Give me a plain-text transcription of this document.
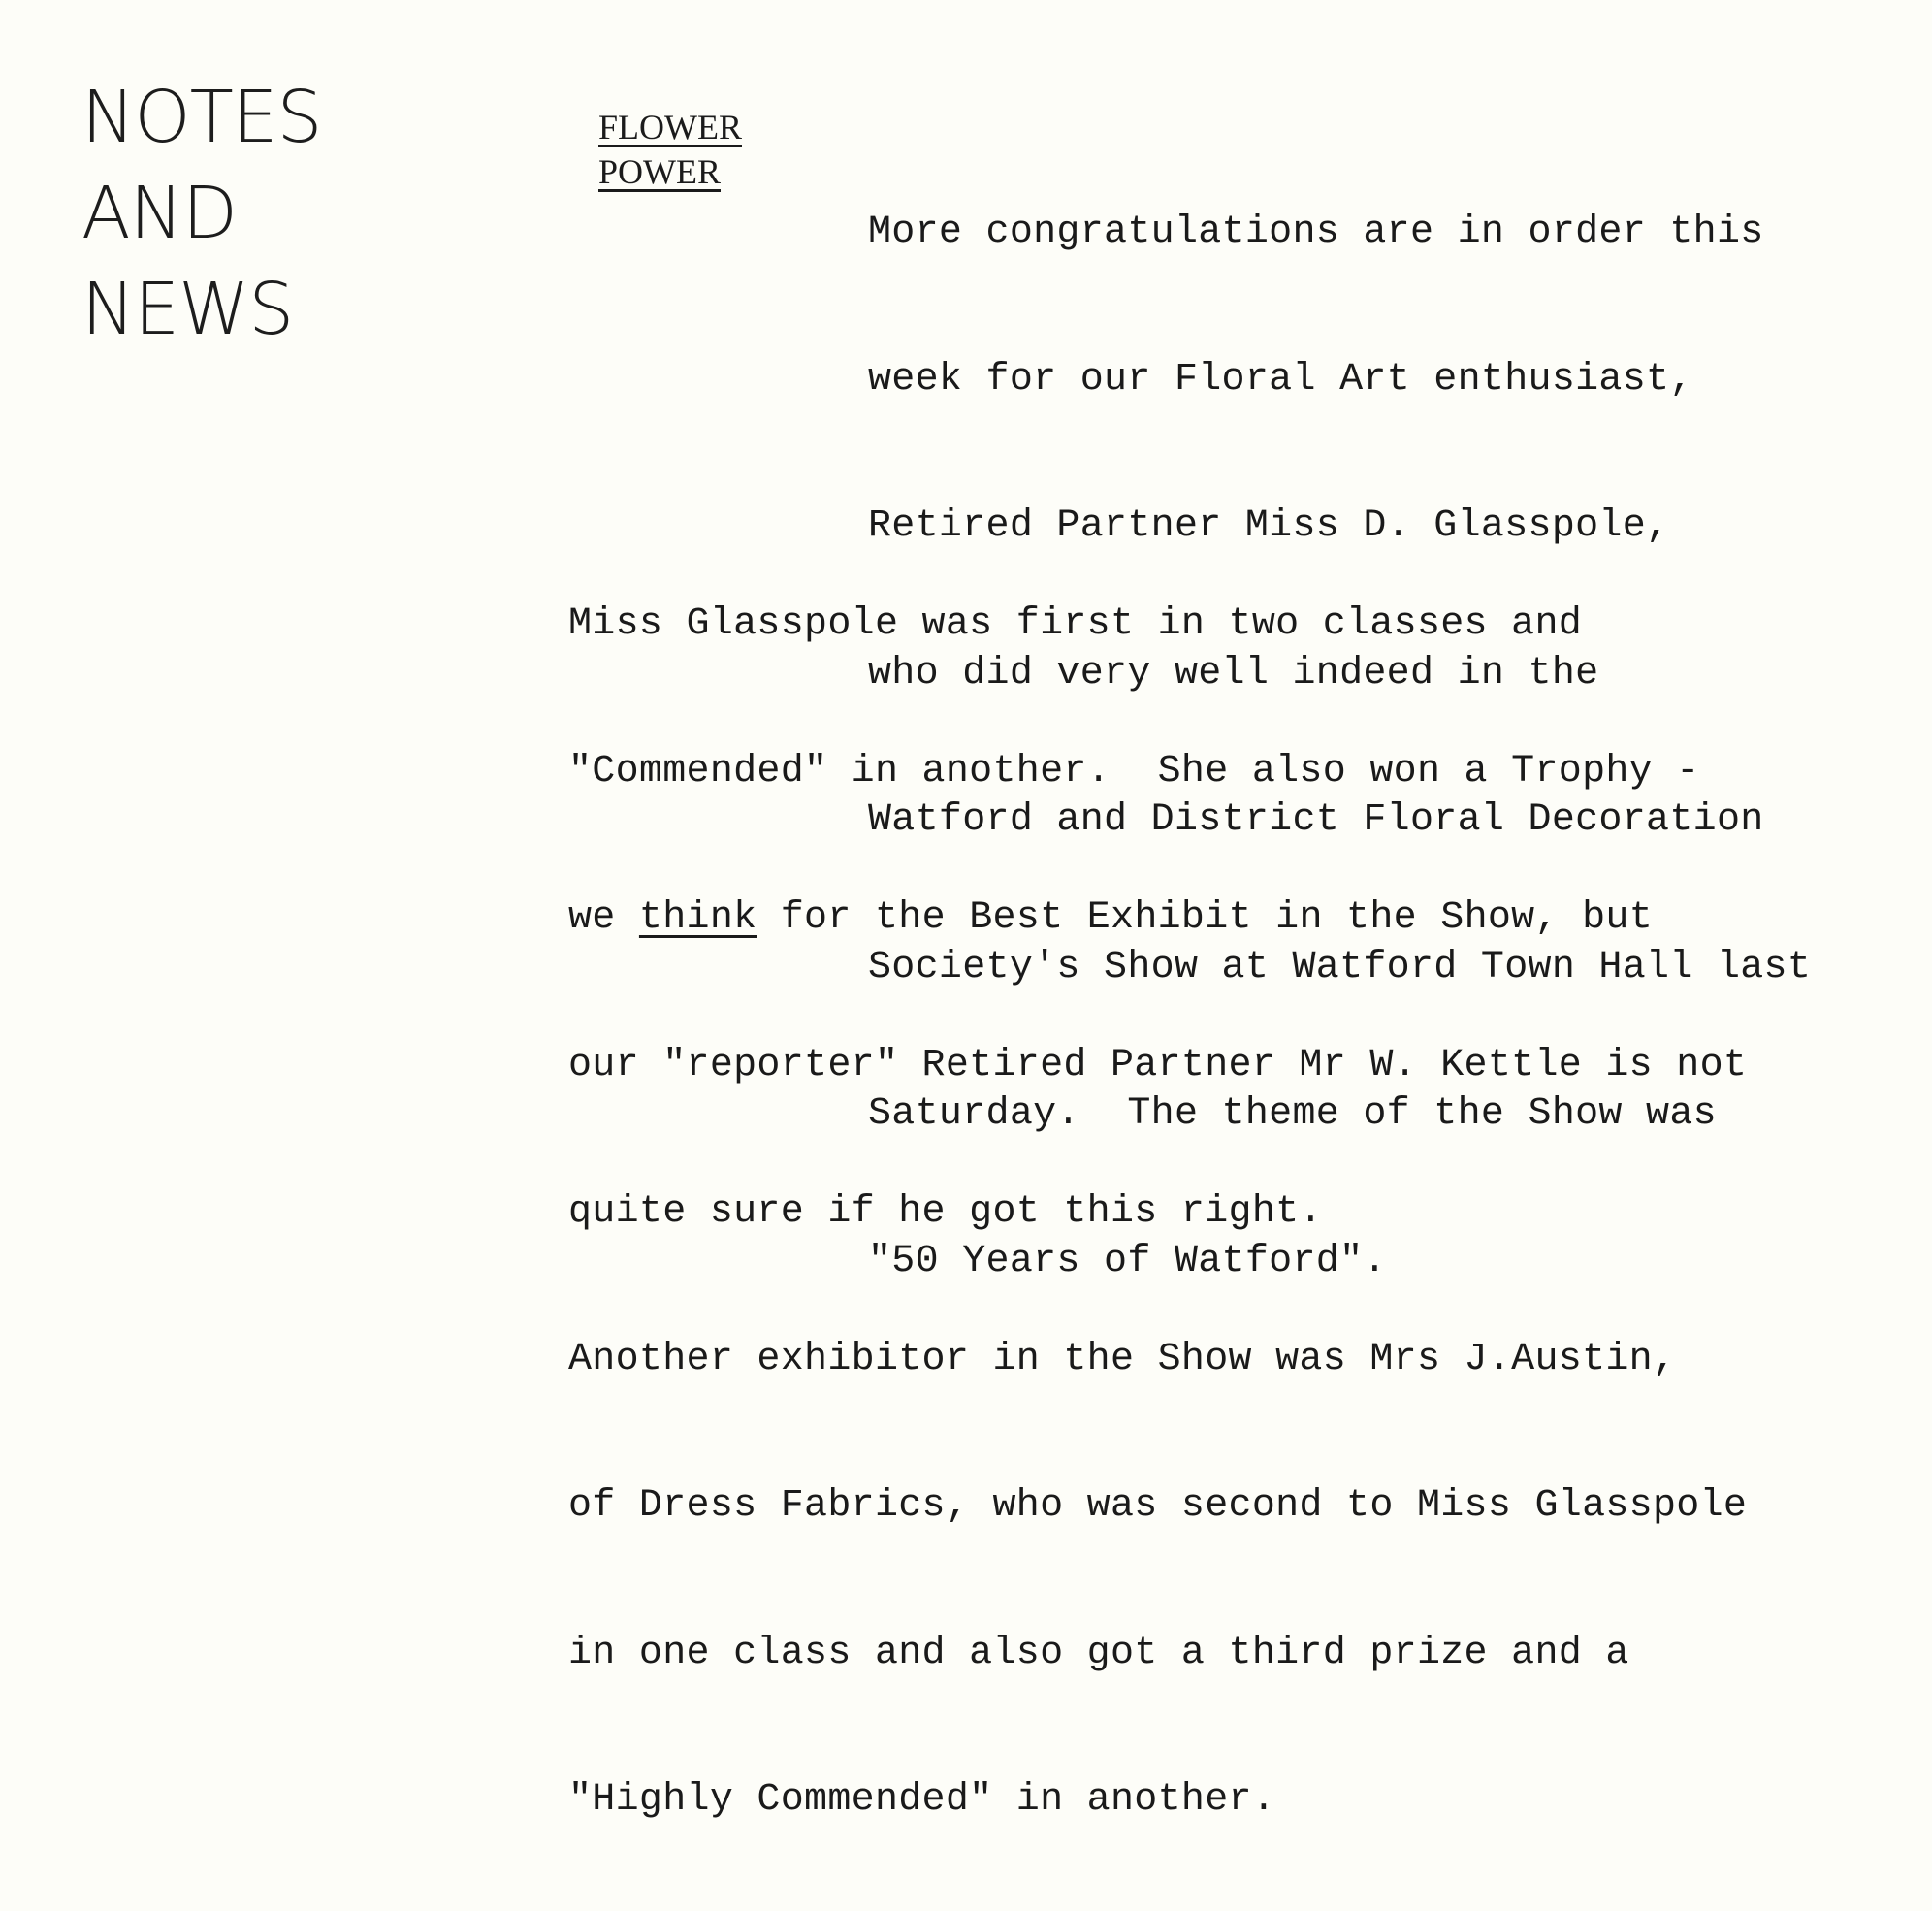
NOTES
AND
NEWS
FLOWER
POWER

More congratulations are in order this

week for our Floral Art enthusiast,

Retired Partner Miss D. Glasspole,

who did very well indeed in the

Watford and District Floral Decoration

Society's Show at Watford Town Hall last

Saturday.  The theme of the Show was

"50 Years of Watford".

Miss Glasspole was first in two classes and

"Commended" in another.  She also won a Trophy -

we think for the Best Exhibit in the Show, but

our "reporter" Retired Partner Mr W. Kettle is not

quite sure if he got this right.

Another exhibitor in the Show was Mrs J.Austin,

of Dress Fabrics, who was second to Miss Glasspole

in one class and also got a third prize and a

"Highly Commended" in another.
